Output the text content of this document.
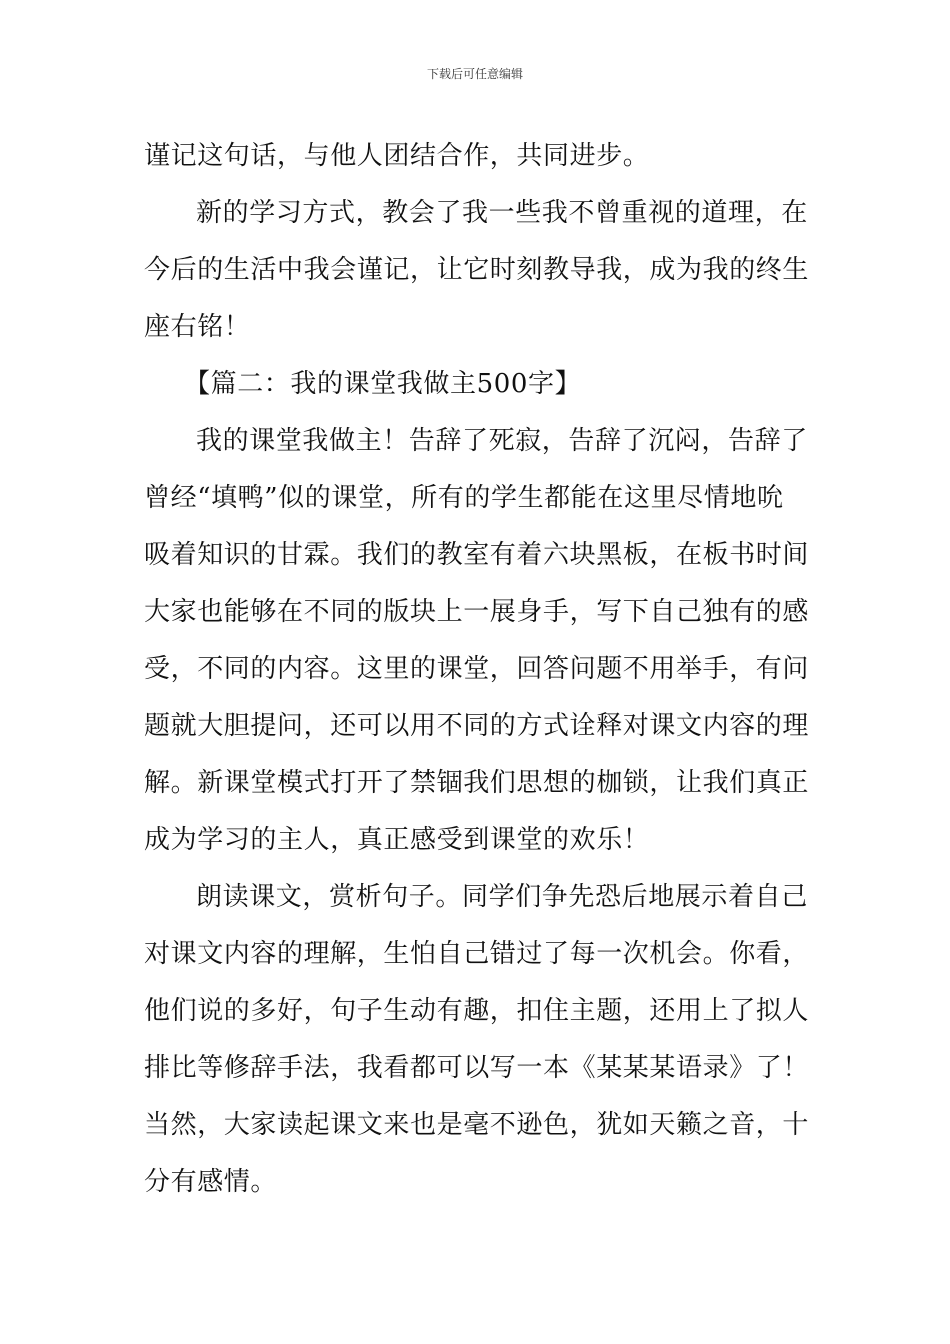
下载后可任意编辑
谨记这句话，与他人团结合作，共同进步。
新的学习方式，教会了我一些我不曾重视的道理，在
今后的生活中我会谨记，让它时刻教导我，成为我的终生
座右铭！
【篇二：我的课堂我做主500字】
我的课堂我做主！告辞了死寂，告辞了沉闷，告辞了
曾经“填鸭”似的课堂，所有的学生都能在这里尽情地吮
吸着知识的甘霖。我们的教室有着六块黑板，在板书时间
大家也能够在不同的版块上一展身手，写下自己独有的感
受，不同的内容。这里的课堂，回答问题不用举手，有问
题就大胆提问，还可以用不同的方式诠释对课文内容的理
解。新课堂模式打开了禁锢我们思想的枷锁，让我们真正
成为学习的主人，真正感受到课堂的欢乐！
朗读课文，赏析句子。同学们争先恐后地展示着自己
对课文内容的理解，生怕自己错过了每一次机会。你看，
他们说的多好，句子生动有趣，扣住主题，还用上了拟人
排比等修辞手法，我看都可以写一本《某某某语录》了！
当然，大家读起课文来也是毫不逊色，犹如天籁之音，十
分有感情。
